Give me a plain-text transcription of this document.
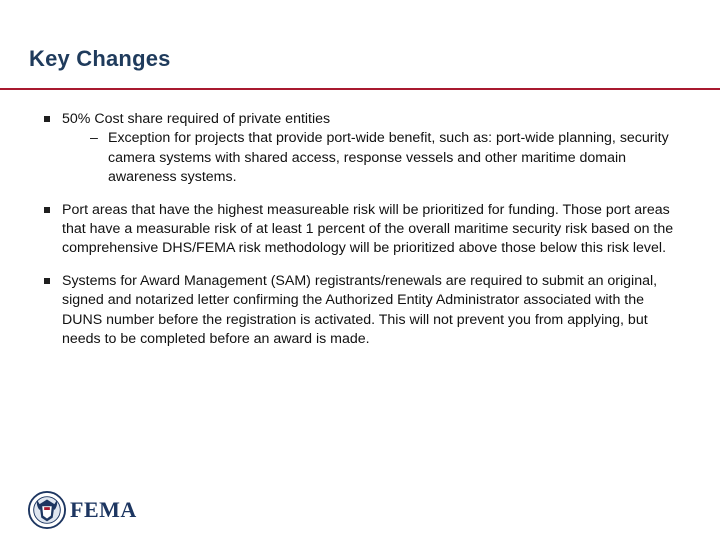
Key Changes
50% Cost share required of private entities
– Exception for projects that provide port-wide benefit, such as: port-wide planning, security camera systems with shared access, response vessels and other maritime domain awareness systems.
Port areas that have the highest measureable risk will be prioritized for funding. Those port areas that have a measurable risk of at least 1 percent of the overall maritime security risk based on the comprehensive DHS/FEMA risk methodology will be prioritized above those below this risk level.
Systems for Award Management (SAM) registrants/renewals are required to submit an original, signed and notarized letter confirming the Authorized Entity Administrator associated with the DUNS number before the registration is activated. This will not prevent you from applying, but needs to be completed before an award is made.
FEMA
